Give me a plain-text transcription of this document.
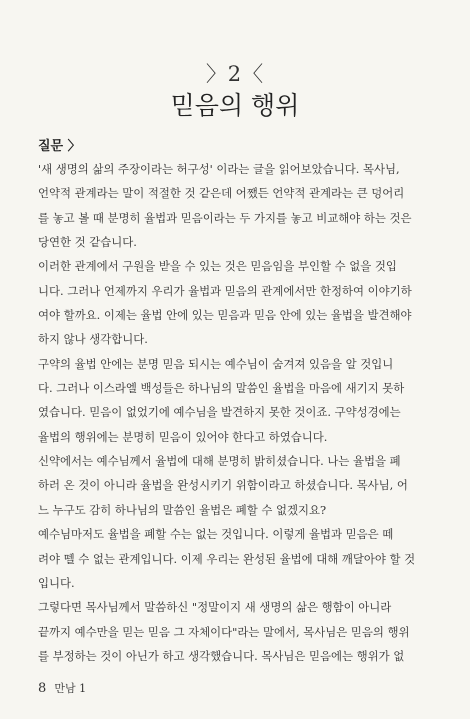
〉2〈
믿음의 행위
질문 〉
'새 생명의 삶의 주장이라는 허구성' 이라는 글을 읽어보았습니다. 목사님,
언약적 관계라는 말이 적절한 것 같은데 어쨌든 언약적 관계라는 큰 덩어리
를 놓고 볼 때 분명히 율법과 믿음이라는 두 가지를 놓고 비교해야 하는 것은
당연한 것 같습니다.
이러한 관계에서 구원을 받을 수 있는 것은 믿음임을 부인할 수 없을 것입
니다. 그러나 언제까지 우리가 율법과 믿음의 관계에서만 한정하여 이야기하
여야 할까요. 이제는 율법 안에 있는 믿음과 믿음 안에 있는 율법을 발견해야
하지 않나 생각합니다.
구약의 율법 안에는 분명 믿음 되시는 예수님이 숨겨져 있음을 알 것입니
다. 그러나 이스라엘 백성들은 하나님의 말씀인 율법을 마음에 새기지 못하
였습니다. 믿음이 없었기에 예수님을 발견하지 못한 것이죠. 구약성경에는
율법의 행위에는 분명히 믿음이 있어야 한다고 하였습니다.
신약에서는 예수님께서 율법에 대해 분명히 밝히셨습니다. 나는 율법을 폐
하러 온 것이 아니라 율법을 완성시키기 위함이라고 하셨습니다. 목사님, 어
느 누구도 감히 하나님의 말씀인 율법은 폐할 수 없겠지요?
예수님마저도 율법을 폐할 수는 없는 것입니다. 이렇게 율법과 믿음은 떼
려야 뗄 수 없는 관계입니다. 이제 우리는 완성된 율법에 대해 깨달아야 할 것
입니다.
그렇다면 목사님께서 말씀하신 "정말이지 새 생명의 삶은 행함이 아니라
끝까지 예수만을 믿는 믿음 그 자체이다"라는 말에서, 목사님은 믿음의 행위
를 부정하는 것이 아닌가 하고 생각했습니다. 목사님은 믿음에는 행위가 없
8 만남 1
